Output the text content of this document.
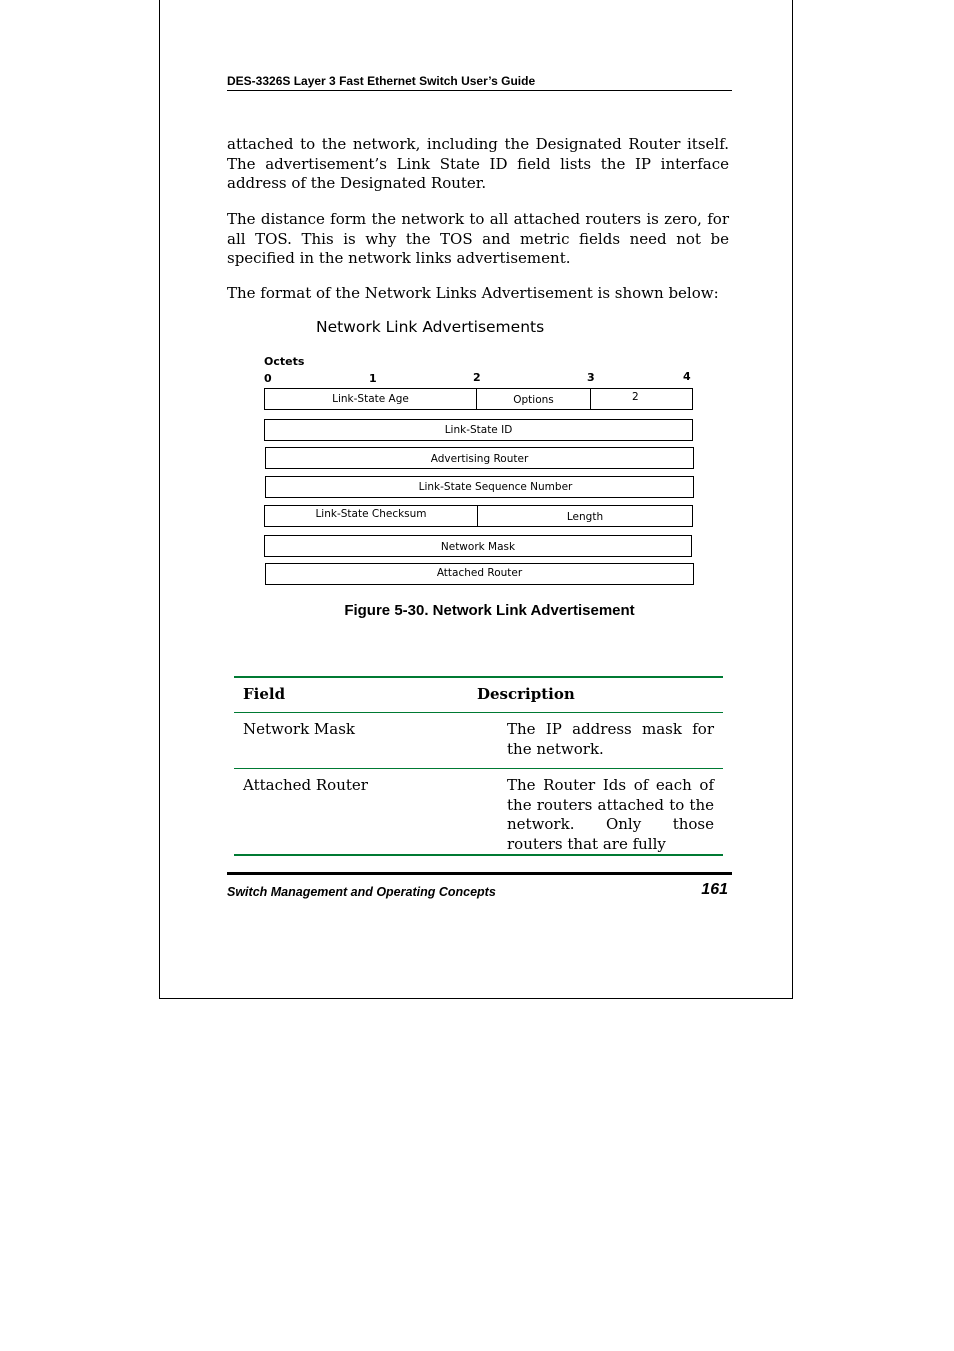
DES-3326S Layer 3 Fast Ethernet Switch User’s Guide

attached to the network, including the Designated Router itself. The advertisement’s Link State ID field lists the IP interface address of the Designated Router.

The distance form the network to all attached routers is zero, for all TOS. This is why the TOS and metric fields need not be specified in the network links advertisement.

The format of the Network Links Advertisement is shown below:

Network Link Advertisements
Octets
0	1	2	3	4
Link-State Age	Options	2
Link-State ID
Advertising Router
Link-State Sequence Number
Link-State Checksum	Length
Network Mask
Attached Router
Figure 5-30. Network Link Advertisement
Field	Description
Network Mask	The IP address mask for the network.
Attached Router	The Router Ids of each of the routers attached to the network. Only those routers that are fully
Switch Management and Operating Concepts	161
